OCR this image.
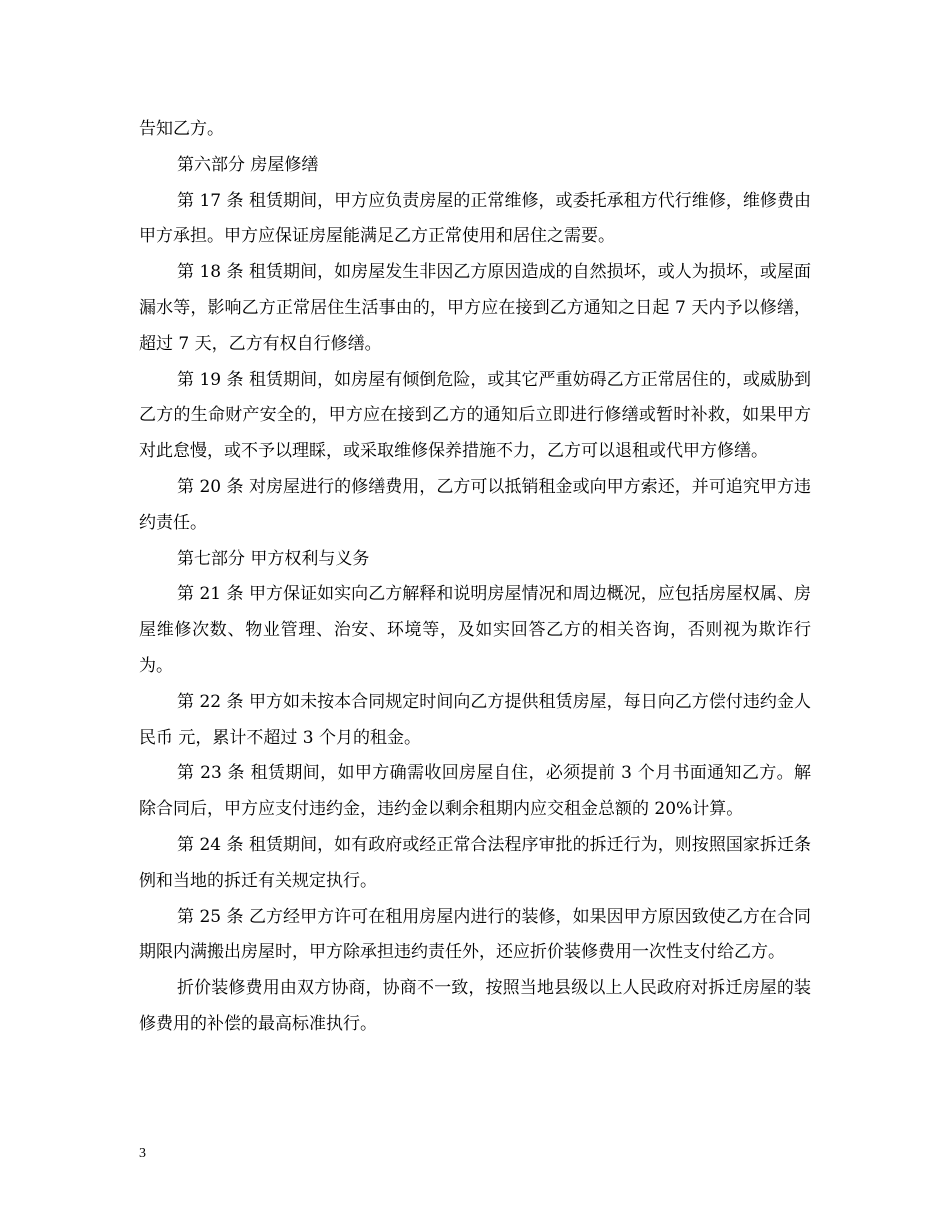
告知乙方。

第六部分 房屋修缮

第 17 条 租赁期间，甲方应负责房屋的正常维修，或委托承租方代行维修，维修费由甲方承担。甲方应保证房屋能满足乙方正常使用和居住之需要。

第 18 条 租赁期间，如房屋发生非因乙方原因造成的自然损坏，或人为损坏，或屋面漏水等，影响乙方正常居住生活事由的，甲方应在接到乙方通知之日起 7 天内予以修缮，超过 7 天，乙方有权自行修缮。

第 19 条 租赁期间，如房屋有倾倒危险，或其它严重妨碍乙方正常居住的，或威胁到乙方的生命财产安全的，甲方应在接到乙方的通知后立即进行修缮或暂时补救，如果甲方对此怠慢，或不予以理睬，或采取维修保养措施不力，乙方可以退租或代甲方修缮。

第 20 条 对房屋进行的修缮费用，乙方可以抵销租金或向甲方索还，并可追究甲方违约责任。

第七部分 甲方权利与义务

第 21 条 甲方保证如实向乙方解释和说明房屋情况和周边概况，应包括房屋权属、房屋维修次数、物业管理、治安、环境等，及如实回答乙方的相关咨询，否则视为欺诈行为。

第 22 条 甲方如未按本合同规定时间向乙方提供租赁房屋，每日向乙方偿付违约金人民币 元，累计不超过 3 个月的租金。

第 23 条 租赁期间，如甲方确需收回房屋自住，必须提前 3 个月书面通知乙方。解除合同后，甲方应支付违约金，违约金以剩余租期内应交租金总额的 20%计算。

第 24 条 租赁期间，如有政府或经正常合法程序审批的拆迁行为，则按照国家拆迁条例和当地的拆迁有关规定执行。

第 25 条 乙方经甲方许可在租用房屋内进行的装修，如果因甲方原因致使乙方在合同期限内满搬出房屋时，甲方除承担违约责任外，还应折价装修费用一次性支付给乙方。

折价装修费用由双方协商，协商不一致，按照当地县级以上人民政府对拆迁房屋的装修费用的补偿的最高标准执行。

3
